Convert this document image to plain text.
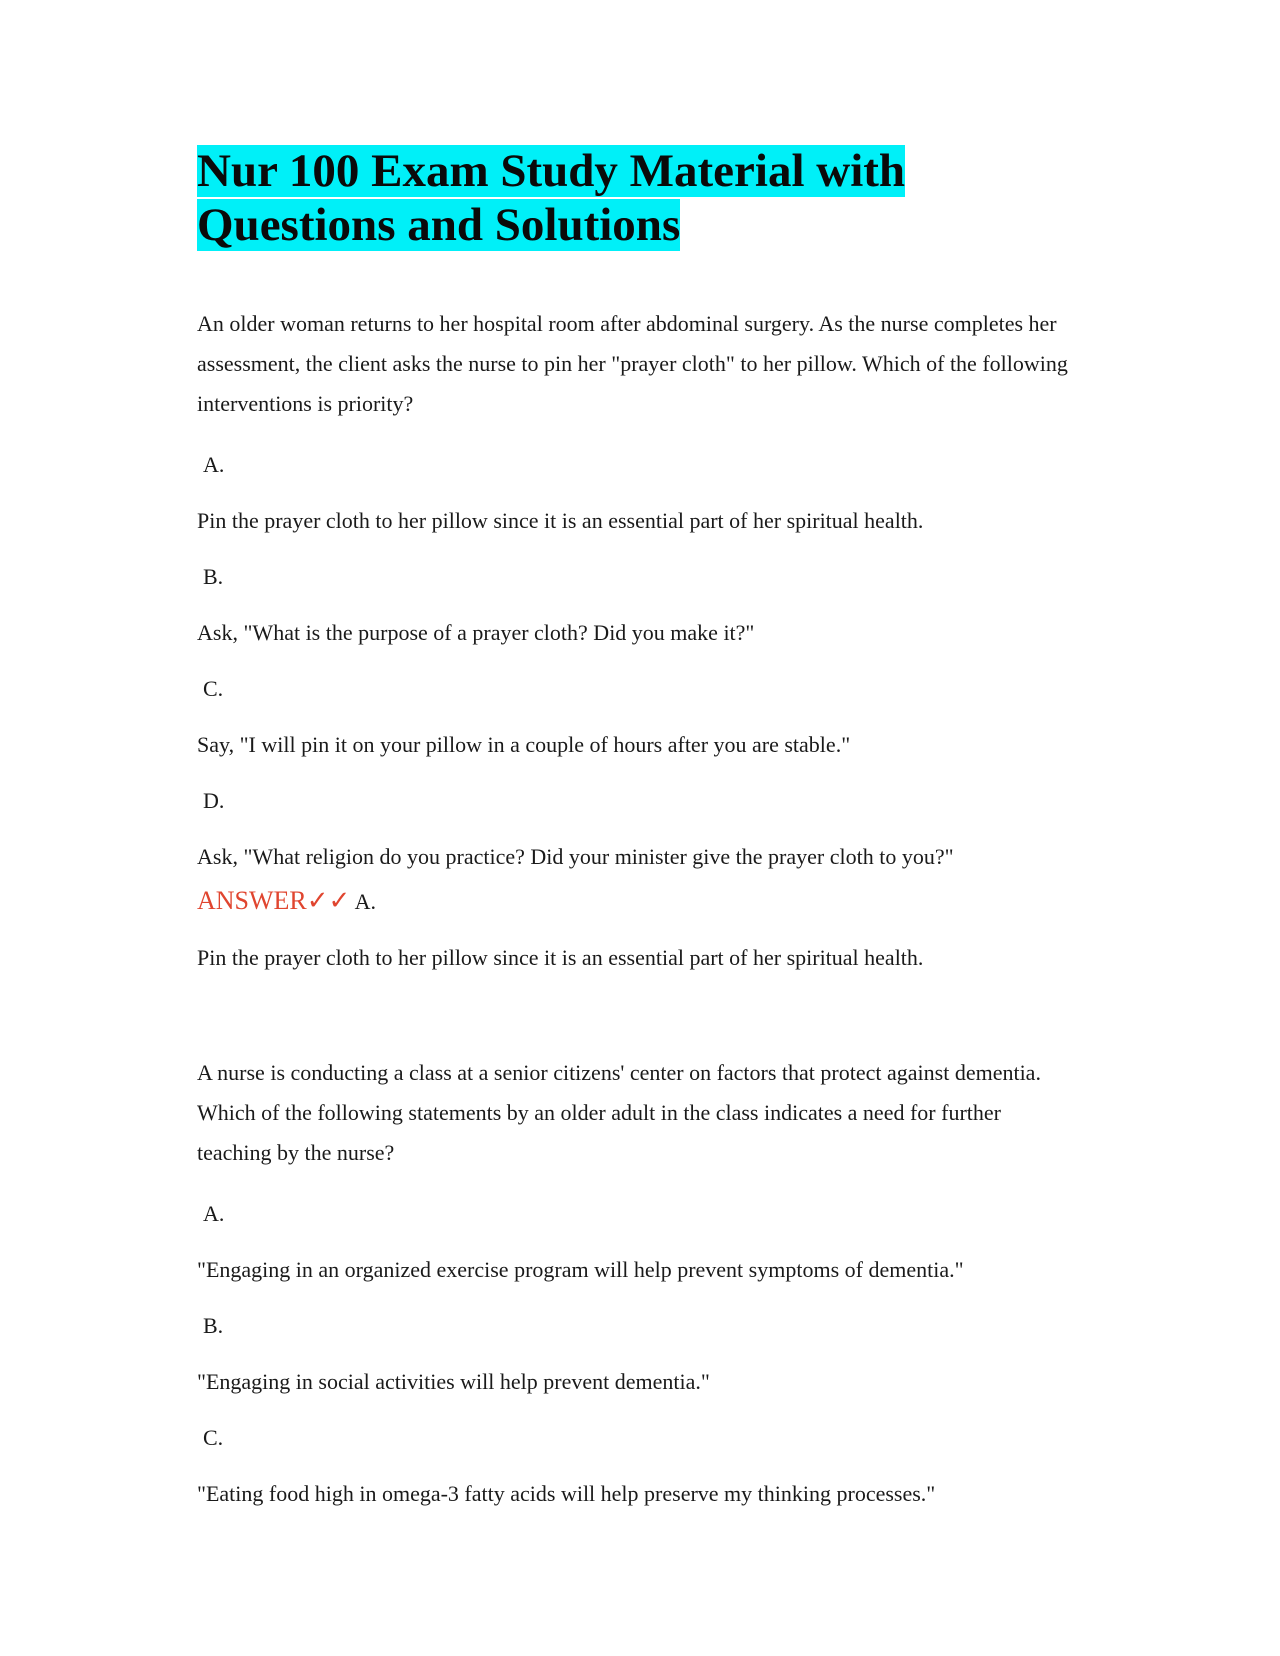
Nur 100 Exam Study Material with
Questions and Solutions

An older woman returns to her hospital room after abdominal surgery. As the nurse completes her assessment, the client asks the nurse to pin her "prayer cloth" to her pillow. Which of the following interventions is priority?

A.

Pin the prayer cloth to her pillow since it is an essential part of her spiritual health.

B.

Ask, "What is the purpose of a prayer cloth? Did you make it?"

C.

Say, "I will pin it on your pillow in a couple of hours after you are stable."

D.

Ask, "What religion do you practice? Did your minister give the prayer cloth to you?"

ANSWER✓✓ A.

Pin the prayer cloth to her pillow since it is an essential part of her spiritual health.

A nurse is conducting a class at a senior citizens' center on factors that protect against dementia. Which of the following statements by an older adult in the class indicates a need for further teaching by the nurse?

A.

"Engaging in an organized exercise program will help prevent symptoms of dementia."

B.

"Engaging in social activities will help prevent dementia."

C.

"Eating food high in omega-3 fatty acids will help preserve my thinking processes."
